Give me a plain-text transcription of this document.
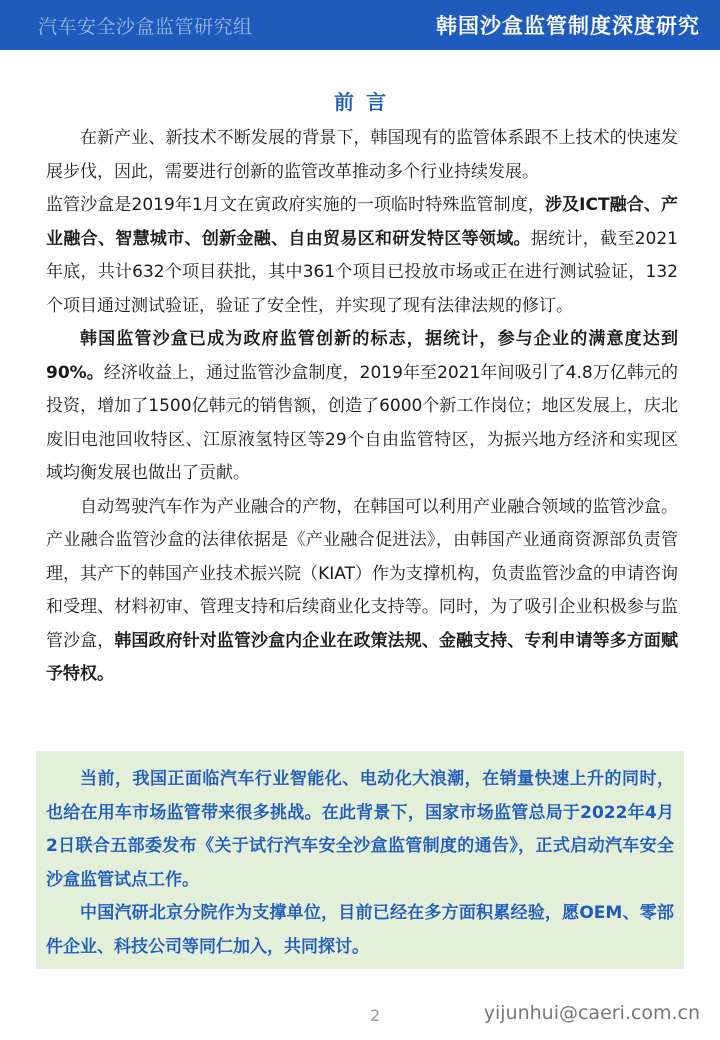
汽车安全沙盒监管研究组	韩国沙盒监管制度深度研究
前言

在新产业、新技术不断发展的背景下，韩国现有的监管体系跟不上技术的快速发展步伐，因此，需要进行创新的监管改革推动多个行业持续发展。

监管沙盒是2019年1月文在寅政府实施的一项临时特殊监管制度，涉及ICT融合、产业融合、智慧城市、创新金融、自由贸易区和研发特区等领域。据统计，截至2021年底，共计632个项目获批，其中361个项目已投放市场或正在进行测试验证，132个项目通过测试验证，验证了安全性，并实现了现有法律法规的修订。

韩国监管沙盒已成为政府监管创新的标志，据统计，参与企业的满意度达到90%。经济收益上，通过监管沙盒制度，2019年至2021年间吸引了4.8万亿韩元的投资，增加了1500亿韩元的销售额，创造了6000个新工作岗位；地区发展上，庆北废旧电池回收特区、江原液氢特区等29个自由监管特区，为振兴地方经济和实现区域均衡发展也做出了贡献。

自动驾驶汽车作为产业融合的产物，在韩国可以利用产业融合领域的监管沙盒。产业融合监管沙盒的法律依据是《产业融合促进法》，由韩国产业通商资源部负责管理，其产下的韩国产业技术振兴院（KIAT）作为支撑机构，负责监管沙盒的申请咨询和受理、材料初审、管理支持和后续商业化支持等。同时，为了吸引企业积极参与监管沙盒，韩国政府针对监管沙盒内企业在政策法规、金融支持、专利申请等多方面赋予特权。

当前，我国正面临汽车行业智能化、电动化大浪潮，在销量快速上升的同时，也给在用车市场监管带来很多挑战。在此背景下，国家市场监管总局于2022年4月2日联合五部委发布《关于试行汽车安全沙盒监管制度的通告》，正式启动汽车安全沙盒监管试点工作。

中国汽研北京分院作为支撑单位，目前已经在多方面积累经验，愿OEM、零部件企业、科技公司等同仁加入，共同探讨。

2	yijunhui@caeri.com.cn
